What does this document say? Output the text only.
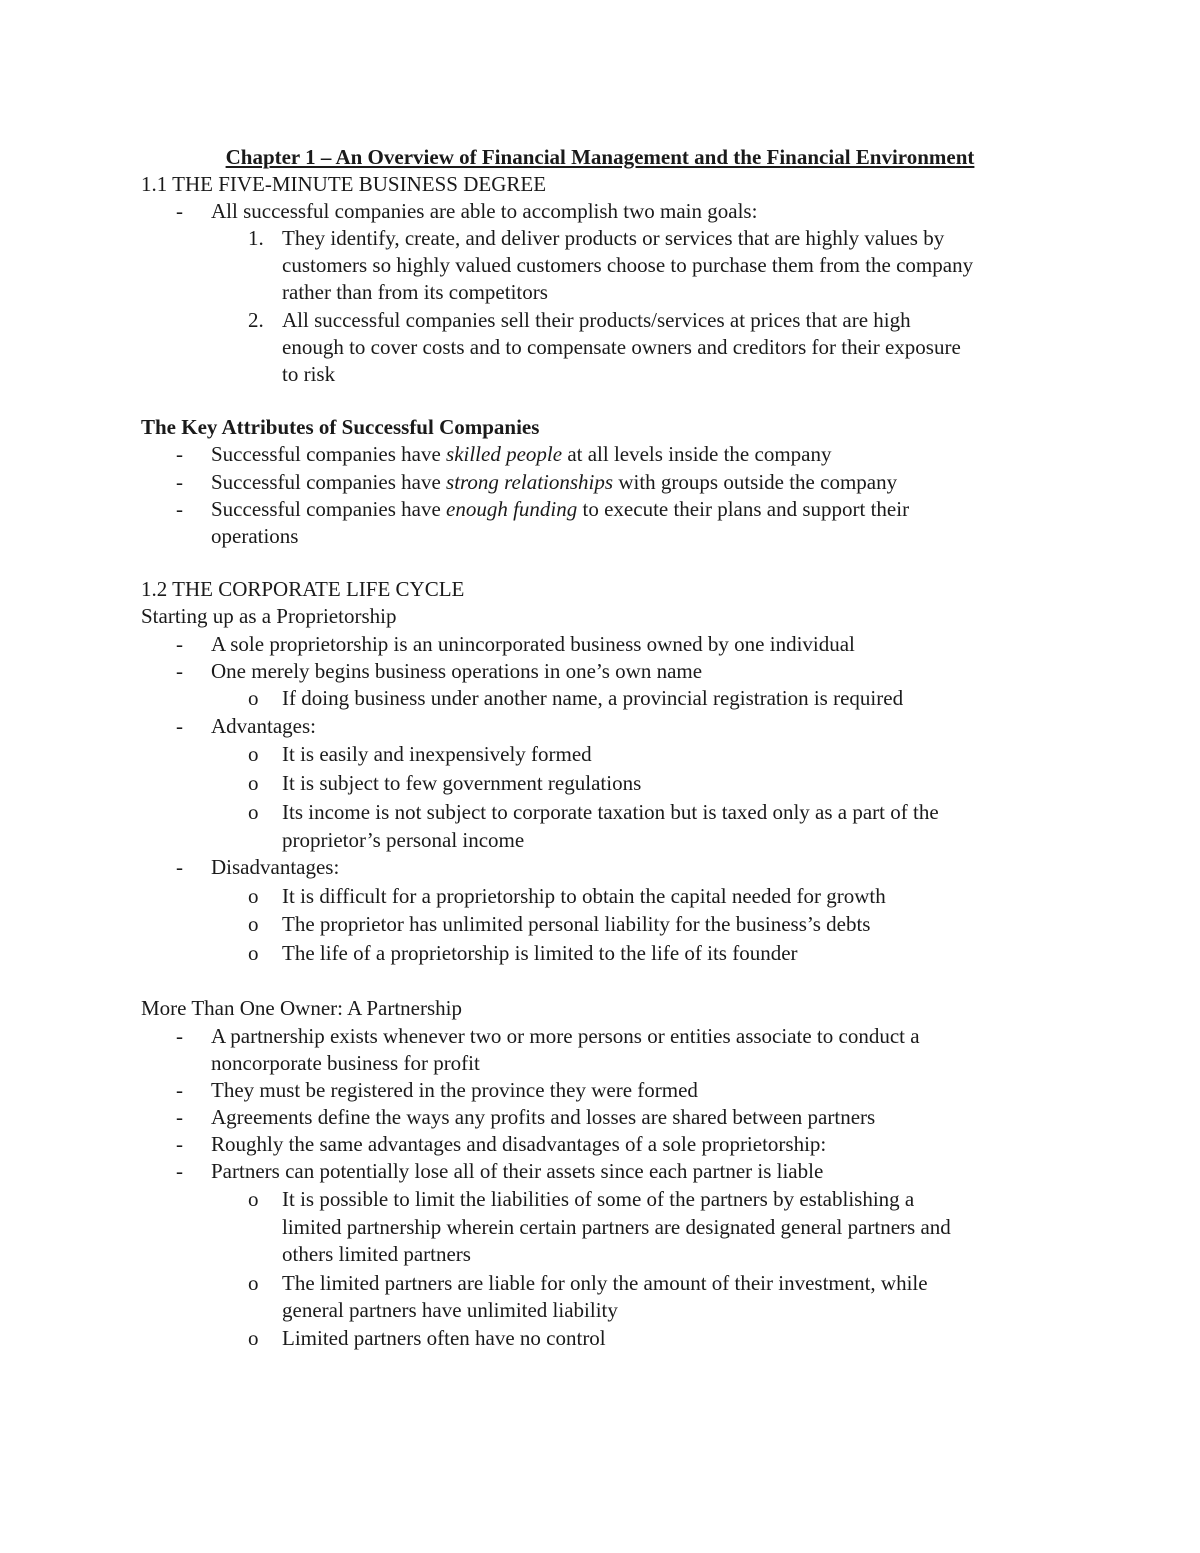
Chapter 1 – An Overview of Financial Management and the Financial Environment
1.1 THE FIVE-MINUTE BUSINESS DEGREE
- All successful companies are able to accomplish two main goals:
1. They identify, create, and deliver products or services that are highly values by
customers so highly valued customers choose to purchase them from the company
rather than from its competitors
2. All successful companies sell their products/services at prices that are high
enough to cover costs and to compensate owners and creditors for their exposure
to risk
The Key Attributes of Successful Companies
- Successful companies have skilled people at all levels inside the company
- Successful companies have strong relationships with groups outside the company
- Successful companies have enough funding to execute their plans and support their
operations
1.2 THE CORPORATE LIFE CYCLE
Starting up as a Proprietorship
- A sole proprietorship is an unincorporated business owned by one individual
- One merely begins business operations in one’s own name
o If doing business under another name, a provincial registration is required
- Advantages:
o It is easily and inexpensively formed
o It is subject to few government regulations
o Its income is not subject to corporate taxation but is taxed only as a part of the
proprietor’s personal income
- Disadvantages:
o It is difficult for a proprietorship to obtain the capital needed for growth
o The proprietor has unlimited personal liability for the business’s debts
o The life of a proprietorship is limited to the life of its founder
More Than One Owner: A Partnership
- A partnership exists whenever two or more persons or entities associate to conduct a
noncorporate business for profit
- They must be registered in the province they were formed
- Agreements define the ways any profits and losses are shared between partners
- Roughly the same advantages and disadvantages of a sole proprietorship:
- Partners can potentially lose all of their assets since each partner is liable
o It is possible to limit the liabilities of some of the partners by establishing a
limited partnership wherein certain partners are designated general partners and
others limited partners
o The limited partners are liable for only the amount of their investment, while
general partners have unlimited liability
o Limited partners often have no control
